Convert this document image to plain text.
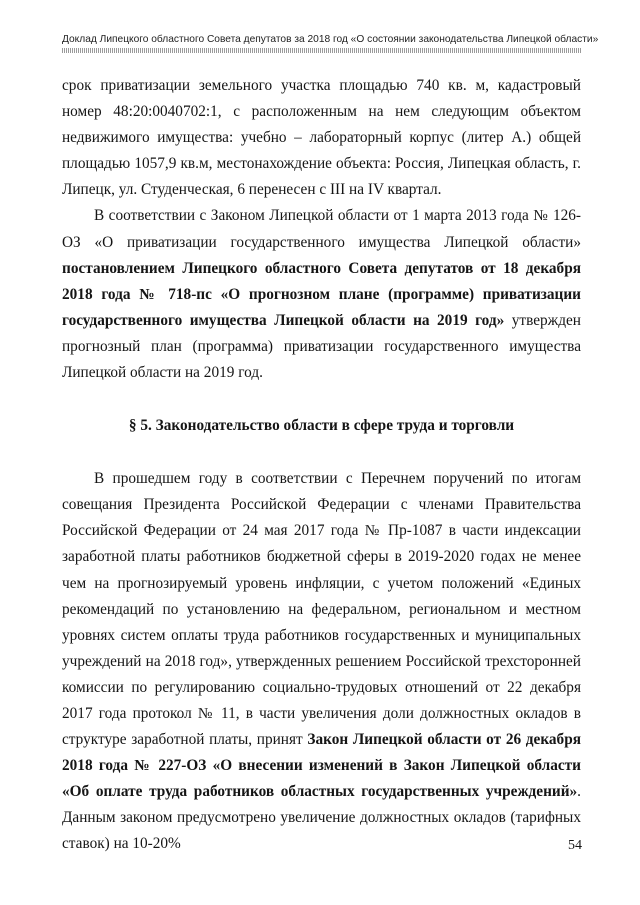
Доклад Липецкого областного Совета депутатов за 2018 год «О состоянии законодательства Липецкой области»

срок приватизации земельного участка площадью 740 кв. м, кадастровый номер 48:20:0040702:1, с расположенным на нем следующим объектом недвижимого имущества: учебно – лабораторный корпус (литер А.) общей площадью 1057,9 кв.м, местонахождение объекта: Россия, Липецкая область, г. Липецк, ул. Студенческая, 6 перенесен с III на IV квартал.

В соответствии с Законом Липецкой области от 1 марта 2013 года № 126-ОЗ «О приватизации государственного имущества Липецкой области» постановлением Липецкого областного Совета депутатов от 18 декабря 2018 года № 718-пс «О прогнозном плане (программе) приватизации государственного имущества Липецкой области на 2019 год» утвержден прогнозный план (программа) приватизации государственного имущества Липецкой области на 2019 год.

§ 5. Законодательство области в сфере труда и торговли

В прошедшем году в соответствии с Перечнем поручений по итогам совещания Президента Российской Федерации с членами Правительства Российской Федерации от 24 мая 2017 года № Пр-1087 в части индексации заработной платы работников бюджетной сферы в 2019-2020 годах не менее чем на прогнозируемый уровень инфляции, с учетом положений «Единых рекомендаций по установлению на федеральном, региональном и местном уровнях систем оплаты труда работников государственных и муниципальных учреждений на 2018 год», утвержденных решением Российской трехсторонней комиссии по регулированию социально-трудовых отношений от 22 декабря 2017 года протокол № 11, в части увеличения доли должностных окладов в структуре заработной платы, принят Закон Липецкой области от 26 декабря 2018 года № 227-ОЗ «О внесении изменений в Закон Липецкой области «Об оплате труда работников областных государственных учреждений». Данным законом предусмотрено увеличение должностных окладов (тарифных ставок) на 10-20%	54
